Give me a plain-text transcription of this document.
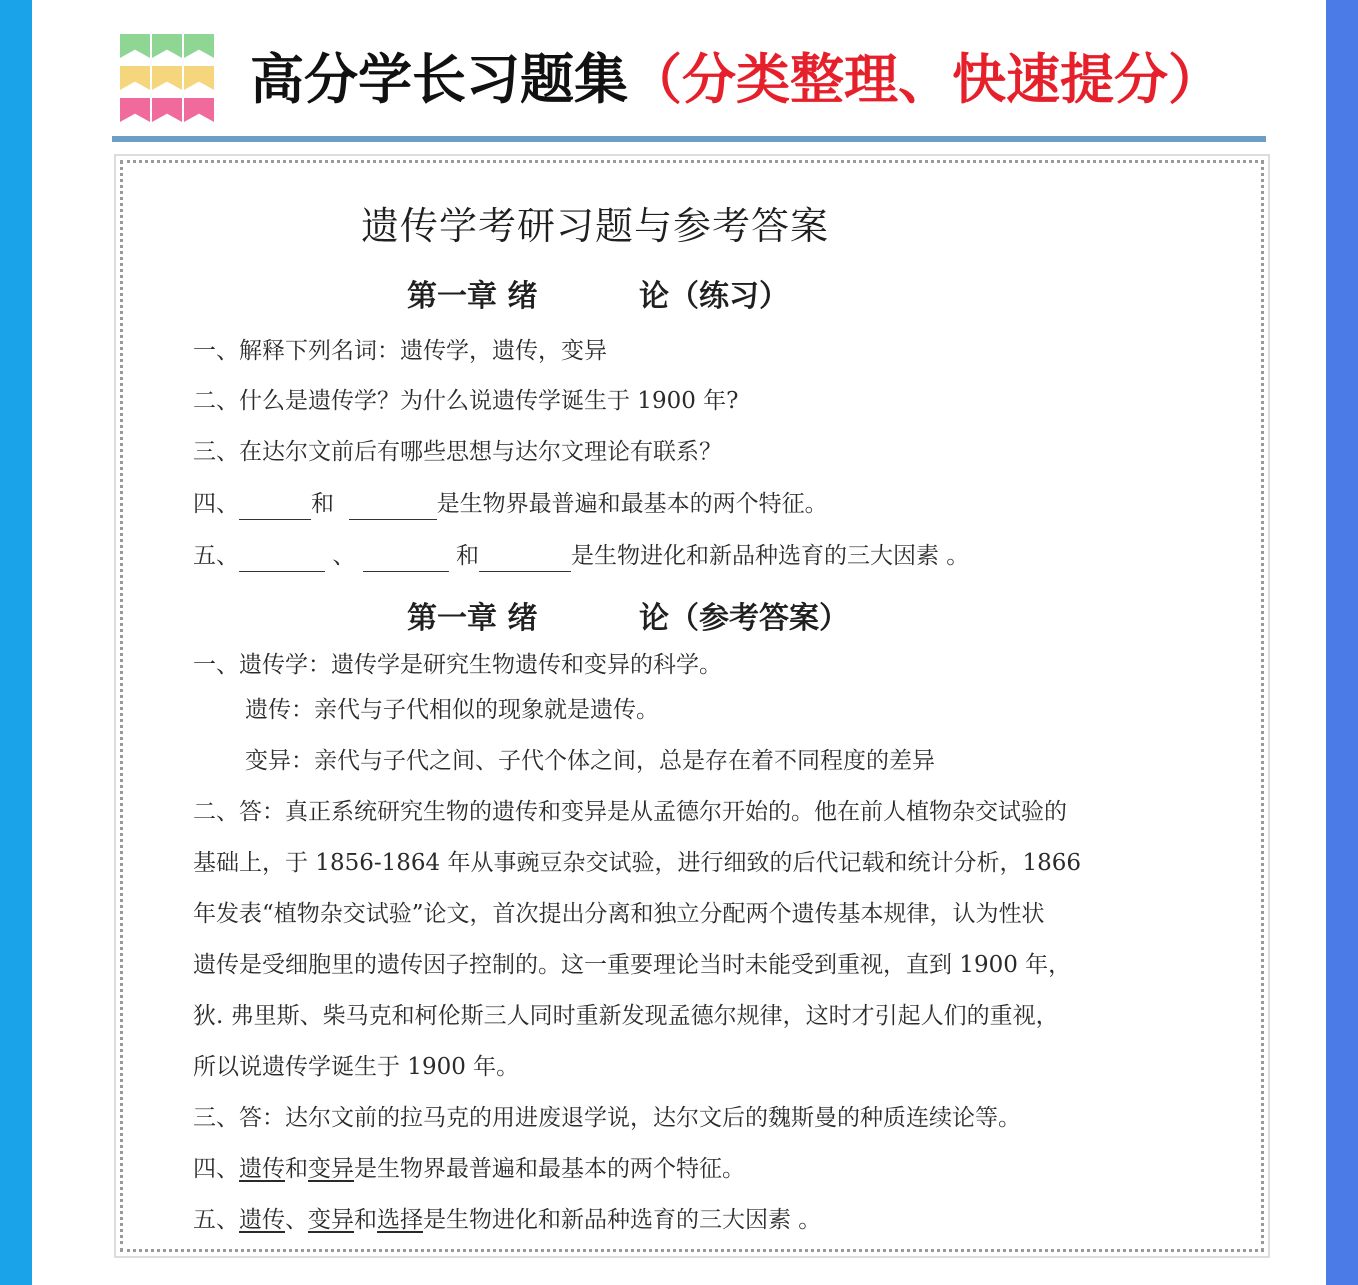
高分学长习题集（分类整理、快速提分）
遗传学考研习题与参考答案
第一章 绪	论（练习）
一、解释下列名词：遗传学，遗传，变异
二、什么是遗传学？为什么说遗传学诞生于 1900 年?
三、在达尔文前后有哪些思想与达尔文理论有联系？
四、	和	是生物界最普遍和最基本的两个特征。
五、	、	和	是生物进化和新品种选育的三大因素 。
第一章 绪	论（参考答案）
一、遗传学：遗传学是研究生物遗传和变异的科学。
遗传：亲代与子代相似的现象就是遗传。
变异：亲代与子代之间、子代个体之间，总是存在着不同程度的差异
二、答：真正系统研究生物的遗传和变异是从孟德尔开始的。他在前人植物杂交试验的
基础上，于 1856-1864 年从事豌豆杂交试验，进行细致的后代记载和统计分析，1866
年发表“植物杂交试验”论文，首次提出分离和独立分配两个遗传基本规律，认为性状
遗传是受细胞里的遗传因子控制的。这一重要理论当时未能受到重视，直到 1900 年，
狄. 弗里斯、柴马克和柯伦斯三人同时重新发现孟德尔规律，这时才引起人们的重视，
所以说遗传学诞生于 1900 年。
三、答：达尔文前的拉马克的用进废退学说，达尔文后的魏斯曼的种质连续论等。
四、遗传和变异是生物界最普遍和最基本的两个特征。
五、遗传、变异和选择是生物进化和新品种选育的三大因素 。
